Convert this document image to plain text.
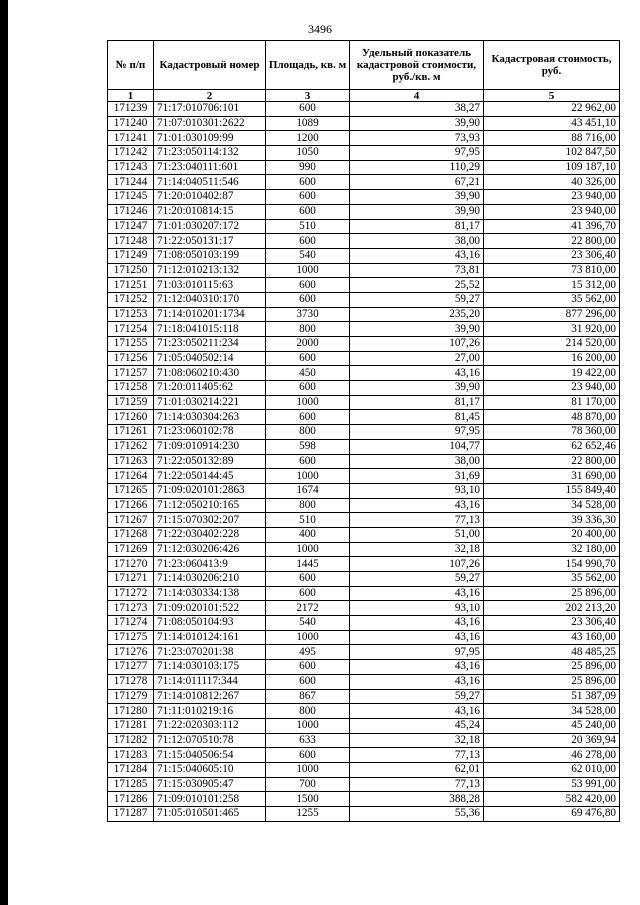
3496
№ п/п	Кадастровый номер	Площадь, кв. м	Удельный показатель кадастровой стоимости, руб./кв. м	Кадастровая стоимость, руб.
1	2	3	4	5
171239	71:17:010706:101	600	38,27	22 962,00
171240	71:07:010301:2622	1089	39,90	43 451,10
171241	71:01:030109:99	1200	73,93	88 716,00
171242	71:23:050114:132	1050	97,95	102 847,50
171243	71:23:040111:601	990	110,29	109 187,10
171244	71:14:040511:546	600	67,21	40 326,00
171245	71:20:010402:87	600	39,90	23 940,00
171246	71:20:010814:15	600	39,90	23 940,00
171247	71:01:030207:172	510	81,17	41 396,70
171248	71:22:050131:17	600	38,00	22 800,00
171249	71:08:050103:199	540	43,16	23 306,40
171250	71:12:010213:132	1000	73,81	73 810,00
171251	71:03:010115:63	600	25,52	15 312,00
171252	71:12:040310:170	600	59,27	35 562,00
171253	71:14:010201:1734	3730	235,20	877 296,00
171254	71:18:041015:118	800	39,90	31 920,00
171255	71:23:050211:234	2000	107,26	214 520,00
171256	71:05:040502:14	600	27,00	16 200,00
171257	71:08:060210:430	450	43,16	19 422,00
171258	71:20:011405:62	600	39,90	23 940,00
171259	71:01:030214:221	1000	81,17	81 170,00
171260	71:14:030304:263	600	81,45	48 870,00
171261	71:23:060102:78	800	97,95	78 360,00
171262	71:09:010914:230	598	104,77	62 652,46
171263	71:22:050132:89	600	38,00	22 800,00
171264	71:22:050144:45	1000	31,69	31 690,00
171265	71:09:020101:2863	1674	93,10	155 849,40
171266	71:12:050210:165	800	43,16	34 528,00
171267	71:15:070302:207	510	77,13	39 336,30
171268	71:22:030402:228	400	51,00	20 400,00
171269	71:12:030206:426	1000	32,18	32 180,00
171270	71:23:060413:9	1445	107,26	154 990,70
171271	71:14:030206:210	600	59,27	35 562,00
171272	71:14:030334:138	600	43,16	25 896,00
171273	71:09:020101:522	2172	93,10	202 213,20
171274	71:08:050104:93	540	43,16	23 306,40
171275	71:14:010124:161	1000	43,16	43 160,00
171276	71:23:070201:38	495	97,95	48 485,25
171277	71:14:030103:175	600	43,16	25 896,00
171278	71:14:011117:344	600	43,16	25 896,00
171279	71:14:010812:267	867	59,27	51 387,09
171280	71:11:010219:16	800	43,16	34 528,00
171281	71:22:020303:112	1000	45,24	45 240,00
171282	71:12:070510:78	633	32,18	20 369,94
171283	71:15:040506:54	600	77,13	46 278,00
171284	71:15:040605:10	1000	62,01	62 010,00
171285	71:15:030905:47	700	77,13	53 991,00
171286	71:09:010101:258	1500	388,28	582 420,00
171287	71:05:010501:465	1255	55,36	69 476,80
